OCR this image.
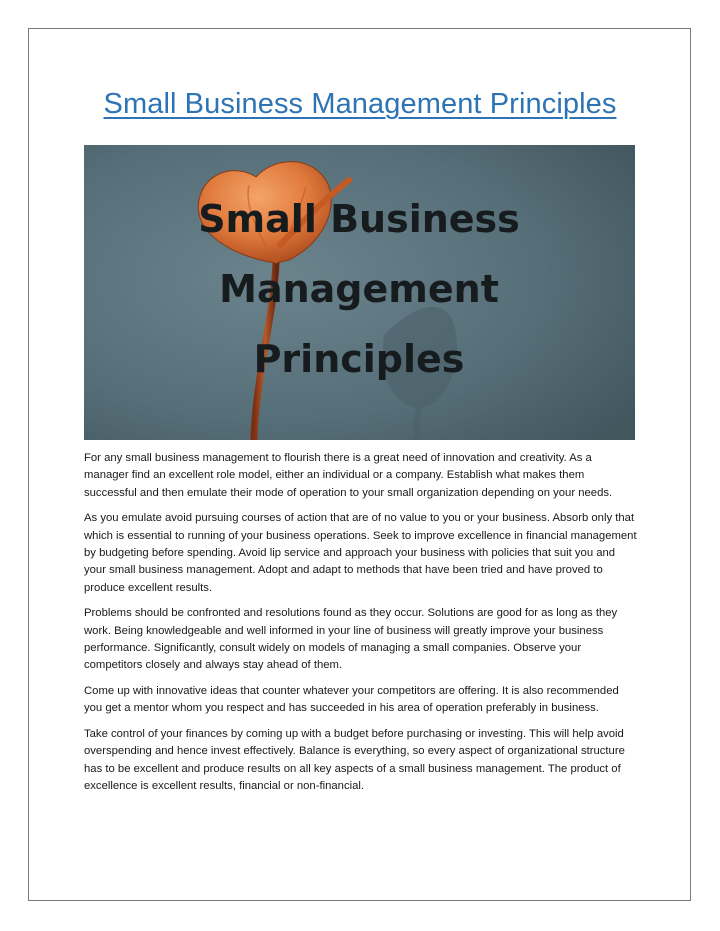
Small Business Management Principles
Small Business
Management
Principles

For any small business management to flourish there is a great need of innovation and creativity. As a manager find an excellent role model, either an individual or a company. Establish what makes them successful and then emulate their mode of operation to your small organization depending on your needs.

As you emulate avoid pursuing courses of action that are of no value to you or your business. Absorb only that which is essential to running of your business operations. Seek to improve excellence in financial management by budgeting before spending. Avoid lip service and approach your business with policies that suit you and your small business management. Adopt and adapt to methods that have been tried and have proved to produce excellent results.

Problems should be confronted and resolutions found as they occur. Solutions are good for as long as they work. Being knowledgeable and well informed in your line of business will greatly improve your business performance. Significantly, consult widely on models of managing a small companies. Observe your competitors closely and always stay ahead of them.

Come up with innovative ideas that counter whatever your competitors are offering. It is also recommended you get a mentor whom you respect and has succeeded in his area of operation preferably in business.

Take control of your finances by coming up with a budget before purchasing or investing. This will help avoid overspending and hence invest effectively. Balance is everything, so every aspect of organizational structure has to be excellent and produce results on all key aspects of a small business management. The product of excellence is excellent results, financial or non-financial.
